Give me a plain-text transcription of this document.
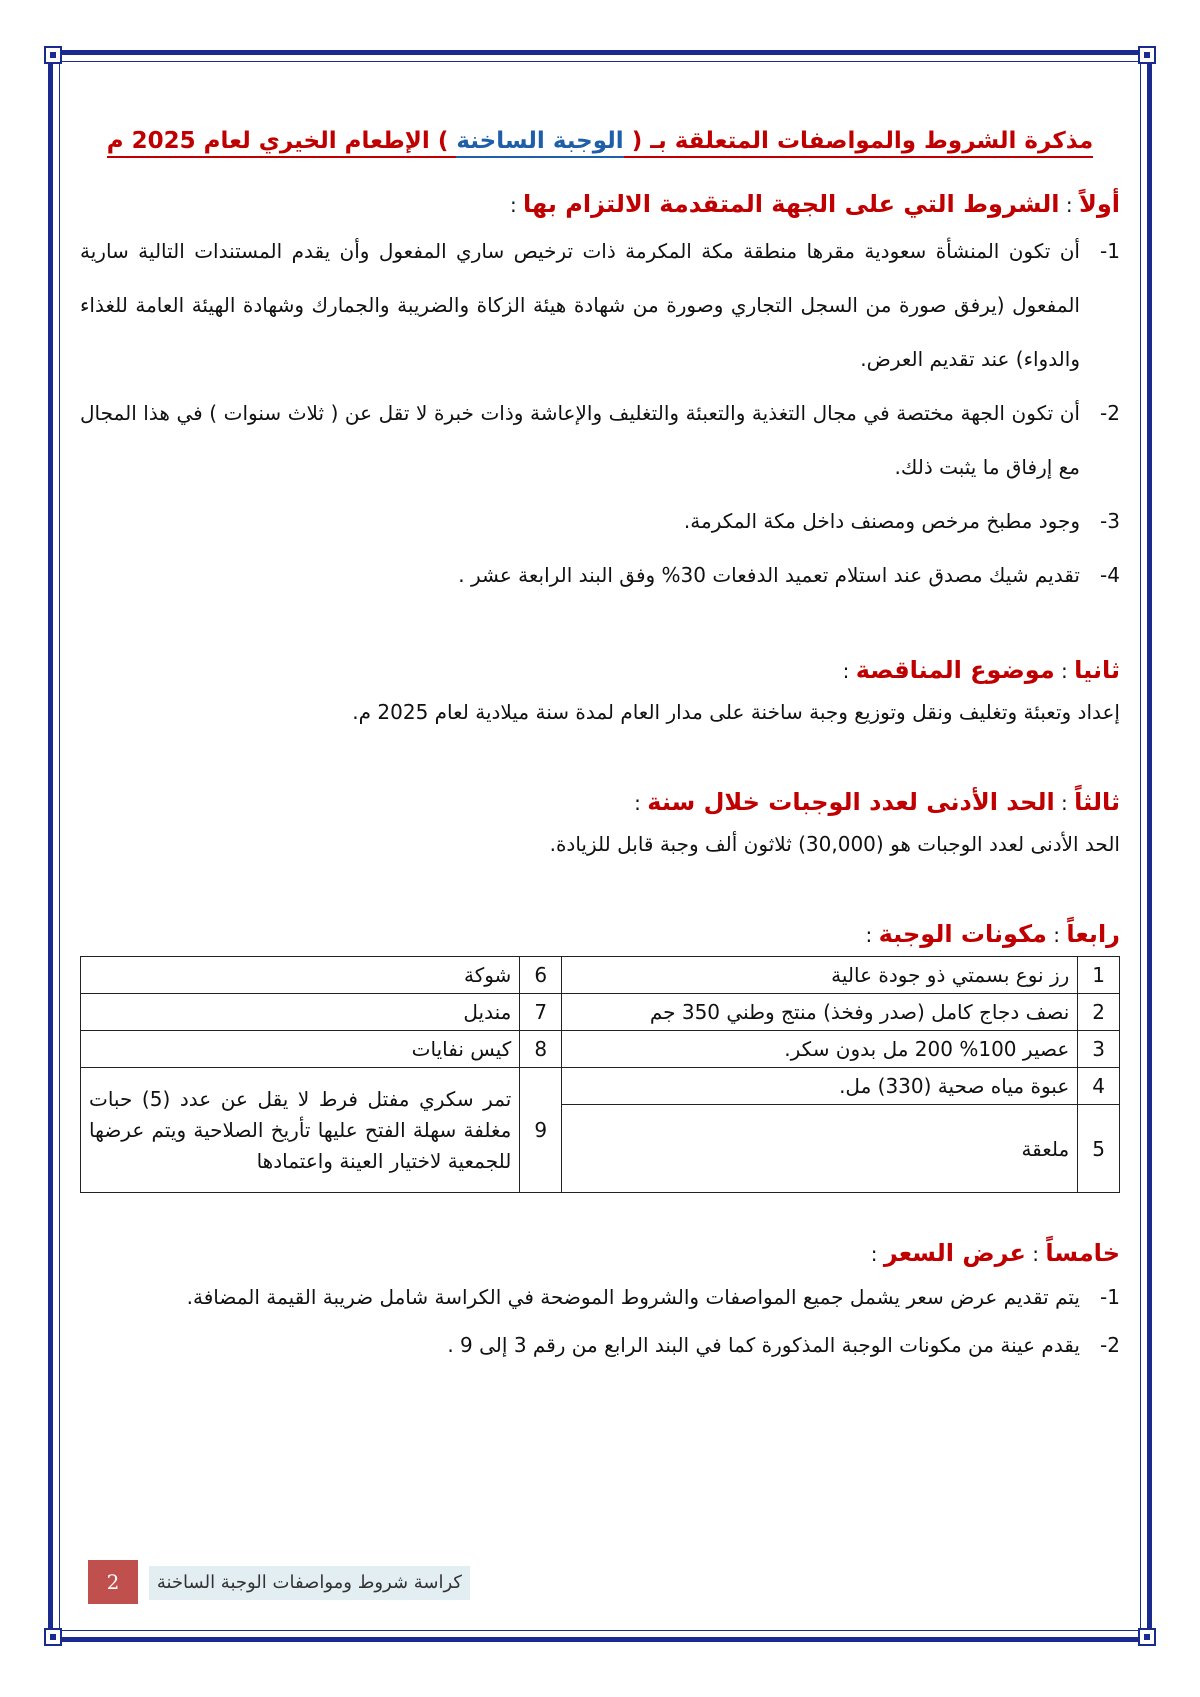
مذكرة الشروط والمواصفات المتعلقة بـ ( الوجبة الساخنة ) الإطعام الخيري لعام 2025 م
أولاً : الشروط التي على الجهة المتقدمة الالتزام بها :
-1
أن تكون المنشأة سعودية مقرها منطقة مكة المكرمة ذات ترخيص ساري المفعول وأن يقدم المستندات التالية سارية المفعول (يرفق صورة من السجل التجاري وصورة من شهادة هيئة الزكاة والضريبة والجمارك وشهادة الهيئة العامة للغذاء والدواء) عند تقديم العرض.
-2
أن تكون الجهة مختصة في مجال التغذية والتعبئة والتغليف والإعاشة وذات خبرة لا تقل عن ( ثلاث سنوات ) في هذا المجال مع إرفاق ما يثبت ذلك.
-3
وجود مطبخ مرخص ومصنف داخل مكة المكرمة.
-4
تقديم شيك مصدق عند استلام تعميد الدفعات 30% وفق البند الرابعة عشر .
ثانيا : موضوع المناقصة :
إعداد وتعبئة وتغليف ونقل وتوزيع وجبة ساخنة على مدار العام لمدة سنة ميلادية لعام 2025 م.
ثالثاً : الحد الأدنى لعدد الوجبات خلال سنة :
الحد الأدنى لعدد الوجبات هو (30,000) ثلاثون ألف وجبة قابل للزيادة.
رابعاً : مكونات الوجبة :
1	رز نوع بسمتي ذو جودة عالية	6	شوكة
2	نصف دجاج كامل (صدر وفخذ) منتج وطني 350 جم	7	منديل
3	عصير 100% 200 مل بدون سكر.	8	كيس نفايات
4	عبوة مياه صحية (330) مل.	9	تمر سكري مفتل فرط لا يقل عن عدد (5) حبات مغلفة سهلة الفتح عليها تأريخ الصلاحية ويتم عرضها للجمعية لاختيار العينة واعتمادها
5	ملعقة		
خامساً : عرض السعر :
-1
يتم تقديم عرض سعر يشمل جميع المواصفات والشروط الموضحة في الكراسة شامل ضريبة القيمة المضافة.
-2
يقدم عينة من مكونات الوجبة المذكورة كما في البند الرابع من رقم 3 إلى 9 .
كراسة شروط ومواصفات الوجبة الساخنة
2
